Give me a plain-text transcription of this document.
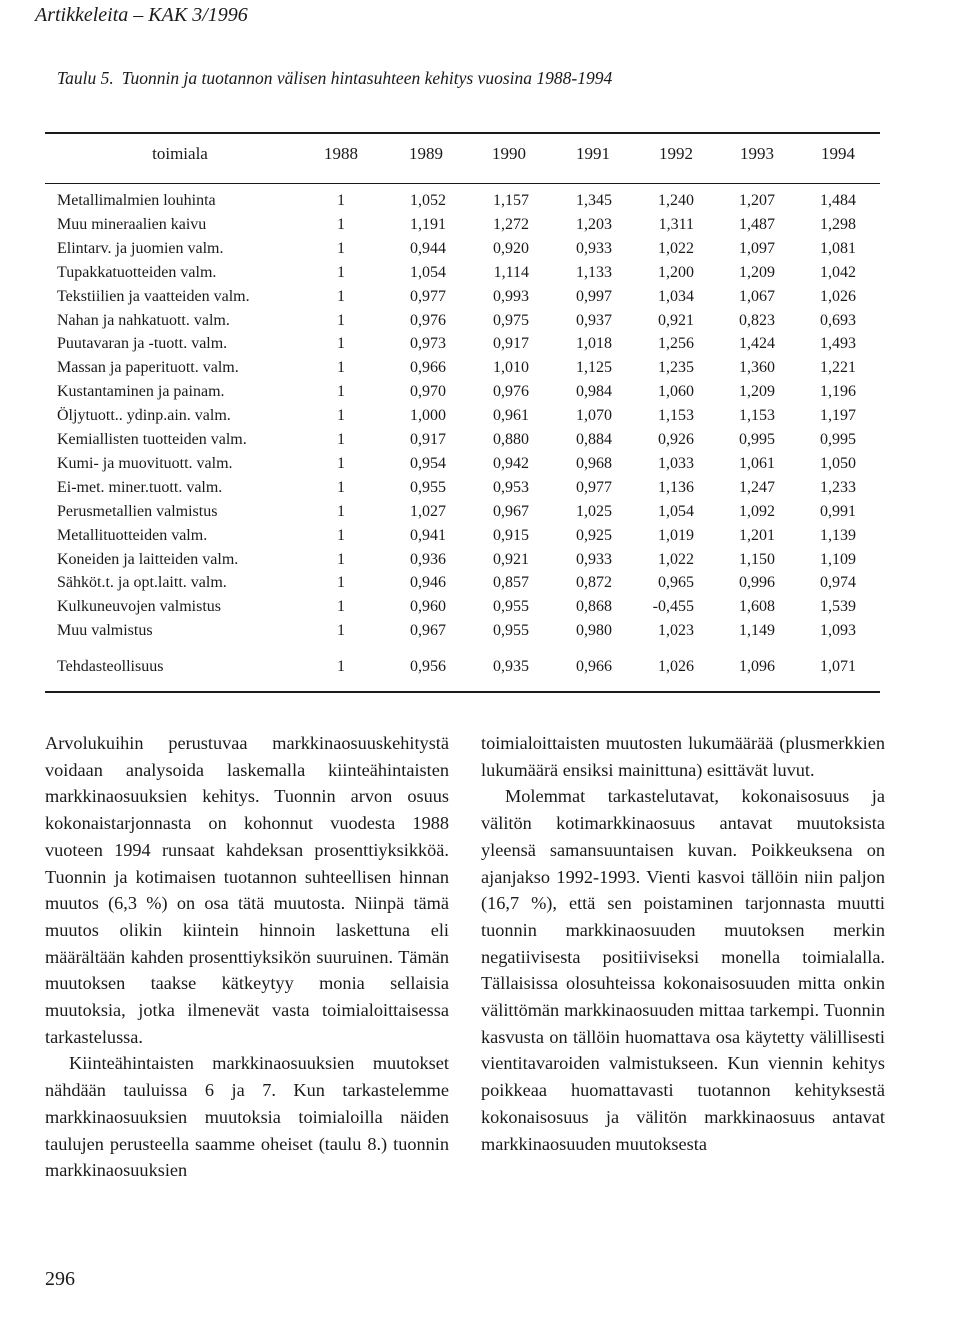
Artikkeleita – KAK 3/1996
Taulu 5. Tuonnin ja tuotannon välisen hintasuhteen kehitys vuosina 1988-1994
toimiala	1988	1989	1990	1991	1992	1993	1994
Metallimalmien louhinta	1	1,052	1,157	1,345	1,240	1,207	1,484
Muu mineraalien kaivu	1	1,191	1,272	1,203	1,311	1,487	1,298
Elintarv. ja juomien valm.	1	0,944	0,920	0,933	1,022	1,097	1,081
Tupakkatuotteiden valm.	1	1,054	1,114	1,133	1,200	1,209	1,042
Tekstiilien ja vaatteiden valm.	1	0,977	0,993	0,997	1,034	1,067	1,026
Nahan ja nahkatuott. valm.	1	0,976	0,975	0,937	0,921	0,823	0,693
Puutavaran ja -tuott. valm.	1	0,973	0,917	1,018	1,256	1,424	1,493
Massan ja paperituott. valm.	1	0,966	1,010	1,125	1,235	1,360	1,221
Kustantaminen ja painam.	1	0,970	0,976	0,984	1,060	1,209	1,196
Öljytuott.. ydinp.ain. valm.	1	1,000	0,961	1,070	1,153	1,153	1,197
Kemiallisten tuotteiden valm.	1	0,917	0,880	0,884	0,926	0,995	0,995
Kumi- ja muovituott. valm.	1	0,954	0,942	0,968	1,033	1,061	1,050
Ei-met. miner.tuott. valm.	1	0,955	0,953	0,977	1,136	1,247	1,233
Perusmetallien valmistus	1	1,027	0,967	1,025	1,054	1,092	0,991
Metallituotteiden valm.	1	0,941	0,915	0,925	1,019	1,201	1,139
Koneiden ja laitteiden valm.	1	0,936	0,921	0,933	1,022	1,150	1,109
Sähköt.t. ja opt.laitt. valm.	1	0,946	0,857	0,872	0,965	0,996	0,974
Kulkuneuvojen valmistus	1	0,960	0,955	0,868	-0,455	1,608	1,539
Muu valmistus	1	0,967	0,955	0,980	1,023	1,149	1,093
Tehdasteollisuus	1	0,956	0,935	0,966	1,026	1,096	1,071

Arvolukuihin perustuvaa markkinaosuuskehitystä voidaan analysoida laskemalla kiinteähintaisten markkinaosuuksien kehitys. Tuonnin arvon osuus kokonaistarjonnasta on kohonnut vuodesta 1988 vuoteen 1994 runsaat kahdeksan prosenttiyksikköä. Tuonnin ja kotimaisen tuotannon suhteellisen hinnan muutos (6,3 %) on osa tätä muutosta. Niinpä tämä muutos olikin kiintein hinnoin laskettuna eli määrältään kahden prosenttiyksikön suuruinen. Tämän muutoksen taakse kätkeytyy monia sellaisia muutoksia, jotka ilmenevät vasta toimialoittaisessa tarkastelussa.

Kiinteähintaisten markkinaosuuksien muutokset nähdään tauluissa 6 ja 7. Kun tarkastelemme markkinaosuuksien muutoksia toimialoilla näiden taulujen perusteella saamme oheiset (taulu 8.) tuonnin markkinaosuuksien

toimialoittaisten muutosten lukumäärää (plusmerkkien lukumäärä ensiksi mainittuna) esittävät luvut.

Molemmat tarkastelutavat, kokonaisosuus ja välitön kotimarkkinaosuus antavat muutoksista yleensä samansuuntaisen kuvan. Poikkeuksena on ajanjakso 1992-1993. Vienti kasvoi tällöin niin paljon (16,7 %), että sen poistaminen tarjonnasta muutti tuonnin markkinaosuuden muutoksen merkin negatiivisesta positiiviseksi monella toimialalla. Tällaisissa olosuhteissa kokonaisosuuden mitta onkin välittömän markkinaosuuden mittaa tarkempi. Tuonnin kasvusta on tällöin huomattava osa käytetty välillisesti vientitavaroiden valmistukseen. Kun viennin kehitys poikkeaa huomattavasti tuotannon kehityksestä kokonaisosuus ja välitön markkinaosuus antavat markkinaosuuden muutoksesta

296
